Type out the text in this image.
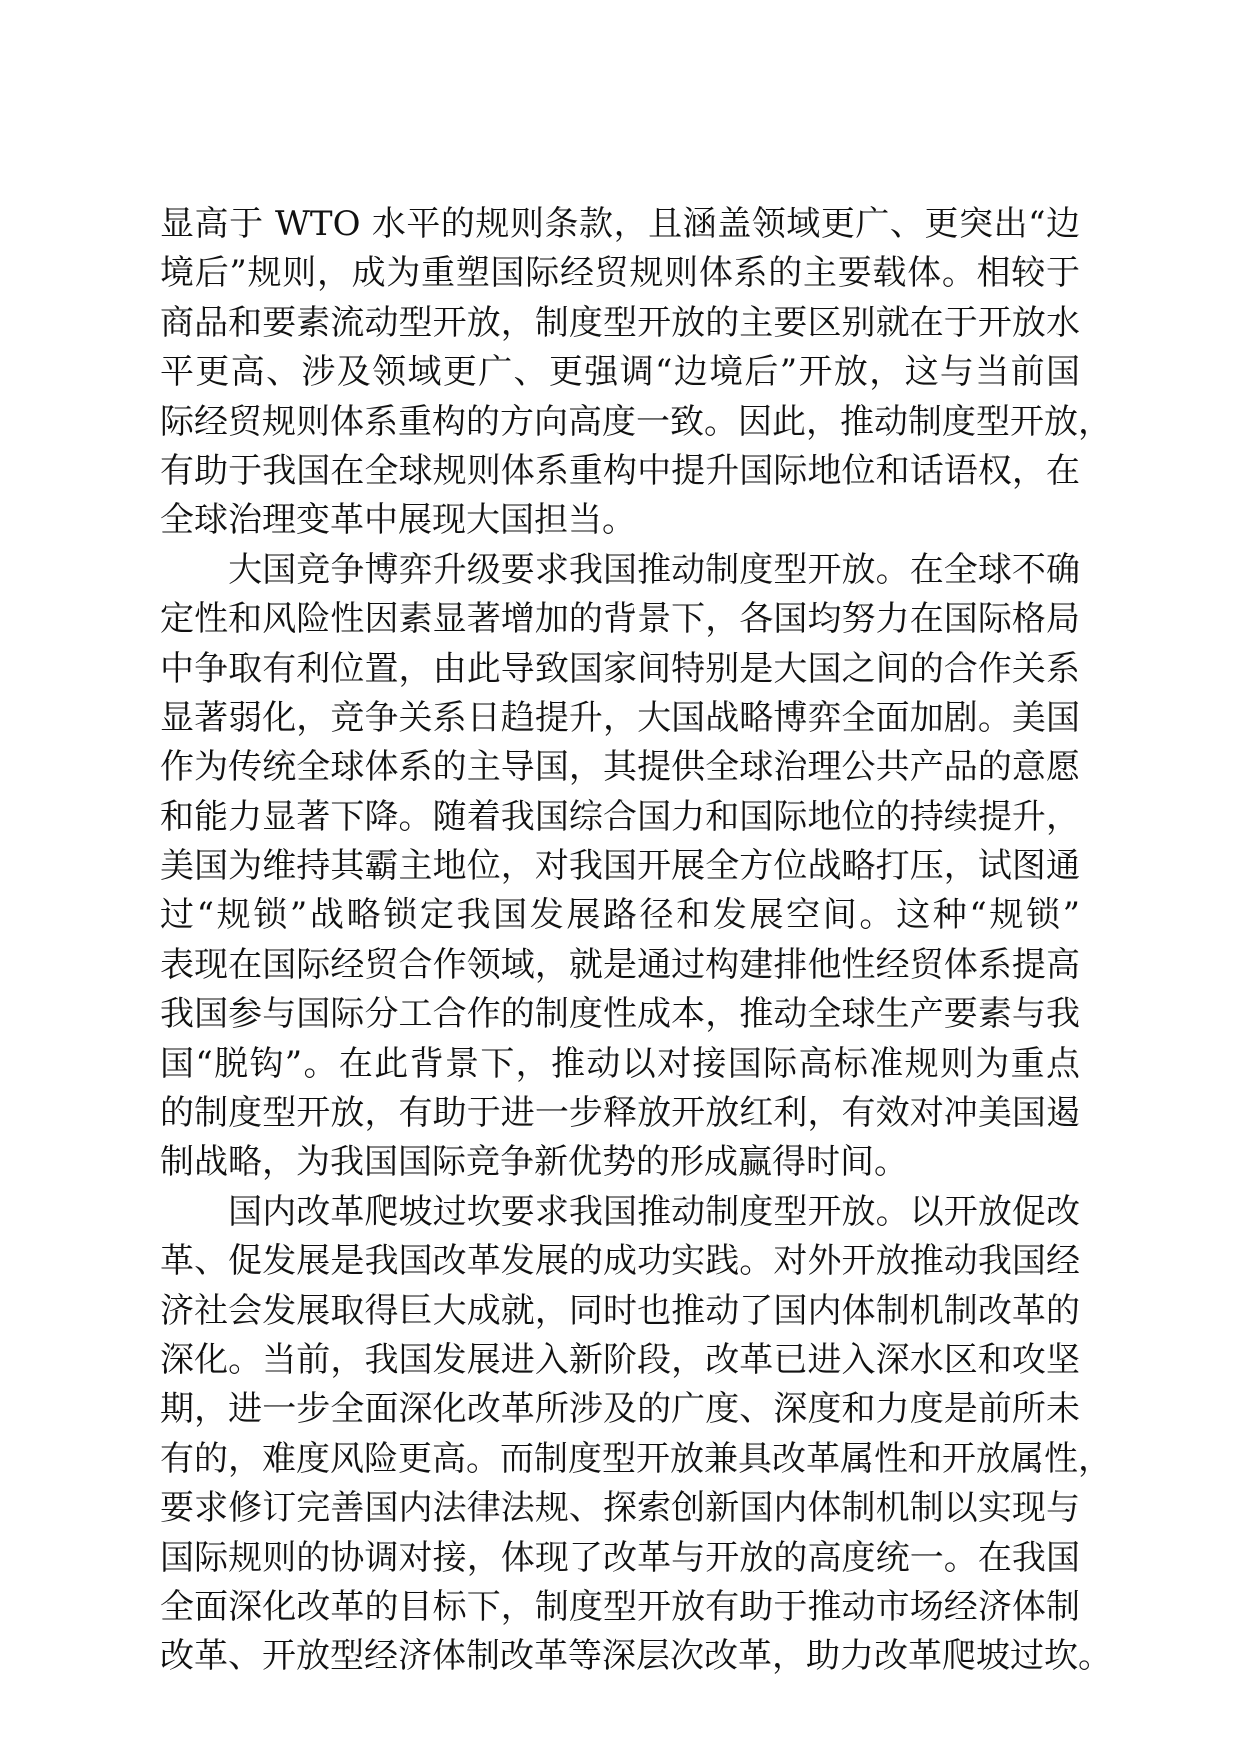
显高于 WTO 水平的规则条款，且涵盖领域更广、更突出“边
境后”规则，成为重塑国际经贸规则体系的主要载体。相较于
商品和要素流动型开放，制度型开放的主要区别就在于开放水
平更高、涉及领域更广、更强调“边境后”开放，这与当前国
际经贸规则体系重构的方向高度一致。因此，推动制度型开放，
有助于我国在全球规则体系重构中提升国际地位和话语权，在
全球治理变革中展现大国担当。
　　大国竞争博弈升级要求我国推动制度型开放。在全球不确
定性和风险性因素显著增加的背景下，各国均努力在国际格局
中争取有利位置，由此导致国家间特别是大国之间的合作关系
显著弱化，竞争关系日趋提升，大国战略博弈全面加剧。美国
作为传统全球体系的主导国，其提供全球治理公共产品的意愿
和能力显著下降。随着我国综合国力和国际地位的持续提升，
美国为维持其霸主地位，对我国开展全方位战略打压，试图通
过“规锁”战略锁定我国发展路径和发展空间。这种“规锁”
表现在国际经贸合作领域，就是通过构建排他性经贸体系提高
我国参与国际分工合作的制度性成本，推动全球生产要素与我
国“脱钩”。在此背景下，推动以对接国际高标准规则为重点
的制度型开放，有助于进一步释放开放红利，有效对冲美国遏
制战略，为我国国际竞争新优势的形成赢得时间。
　　国内改革爬坡过坎要求我国推动制度型开放。以开放促改
革、促发展是我国改革发展的成功实践。对外开放推动我国经
济社会发展取得巨大成就，同时也推动了国内体制机制改革的
深化。当前，我国发展进入新阶段，改革已进入深水区和攻坚
期，进一步全面深化改革所涉及的广度、深度和力度是前所未
有的，难度风险更高。而制度型开放兼具改革属性和开放属性，
要求修订完善国内法律法规、探索创新国内体制机制以实现与
国际规则的协调对接，体现了改革与开放的高度统一。在我国
全面深化改革的目标下，制度型开放有助于推动市场经济体制
改革、开放型经济体制改革等深层次改革，助力改革爬坡过坎。
